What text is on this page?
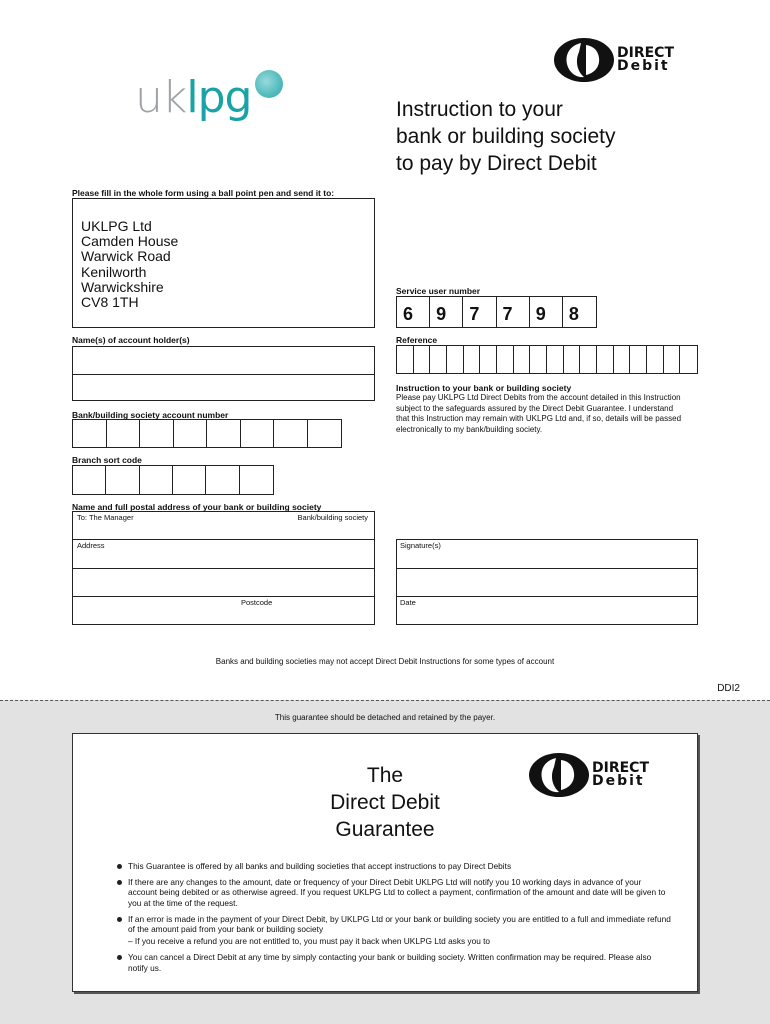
uk lpg
DIRECT
Debit
Instruction to your
bank or building society
to pay by Direct Debit
Please fill in the whole form using a ball point pen and send it to:
UKLPG Ltd
Camden House
Warwick Road
Kenilworth
Warwickshire
CV8 1TH
Service user number
6	9	7	7	9	8
Name(s) of account holder(s)	Reference
Instruction to your bank or building society
Please pay UKLPG Ltd Direct Debits from the account detailed in this Instruction subject to the safeguards assured by the Direct Debit Guarantee. I understand that this Instruction may remain with UKLPG Ltd and, if so, details will be passed electronically to my bank/building society.
Bank/building society account number
Branch sort code
Name and full postal address of your bank or building society
To: The Manager	Bank/building society
Address
Postcode
Signature(s)
Date
Banks and building societies may not accept Direct Debit Instructions for some types of account
DDI2
This guarantee should be detached and retained by the payer.
The
Direct Debit
Guarantee
DIRECT
Debit
This Guarantee is offered by all banks and building societies that accept instructions to pay Direct Debits
If there are any changes to the amount, date or frequency of your Direct Debit UKLPG Ltd will notify you 10 working days in advance of your account being debited or as otherwise agreed. If you request UKLPG Ltd to collect a payment, confirmation of the amount and date will be given to you at the time of the request.
If an error is made in the payment of your Direct Debit, by UKLPG Ltd or your bank or building society you are entitled to a full and immediate refund of the amount paid from your bank or building society
– If you receive a refund you are not entitled to, you must pay it back when UKLPG Ltd asks you to
You can cancel a Direct Debit at any time by simply contacting your bank or building society. Written confirmation may be required. Please also notify us.
